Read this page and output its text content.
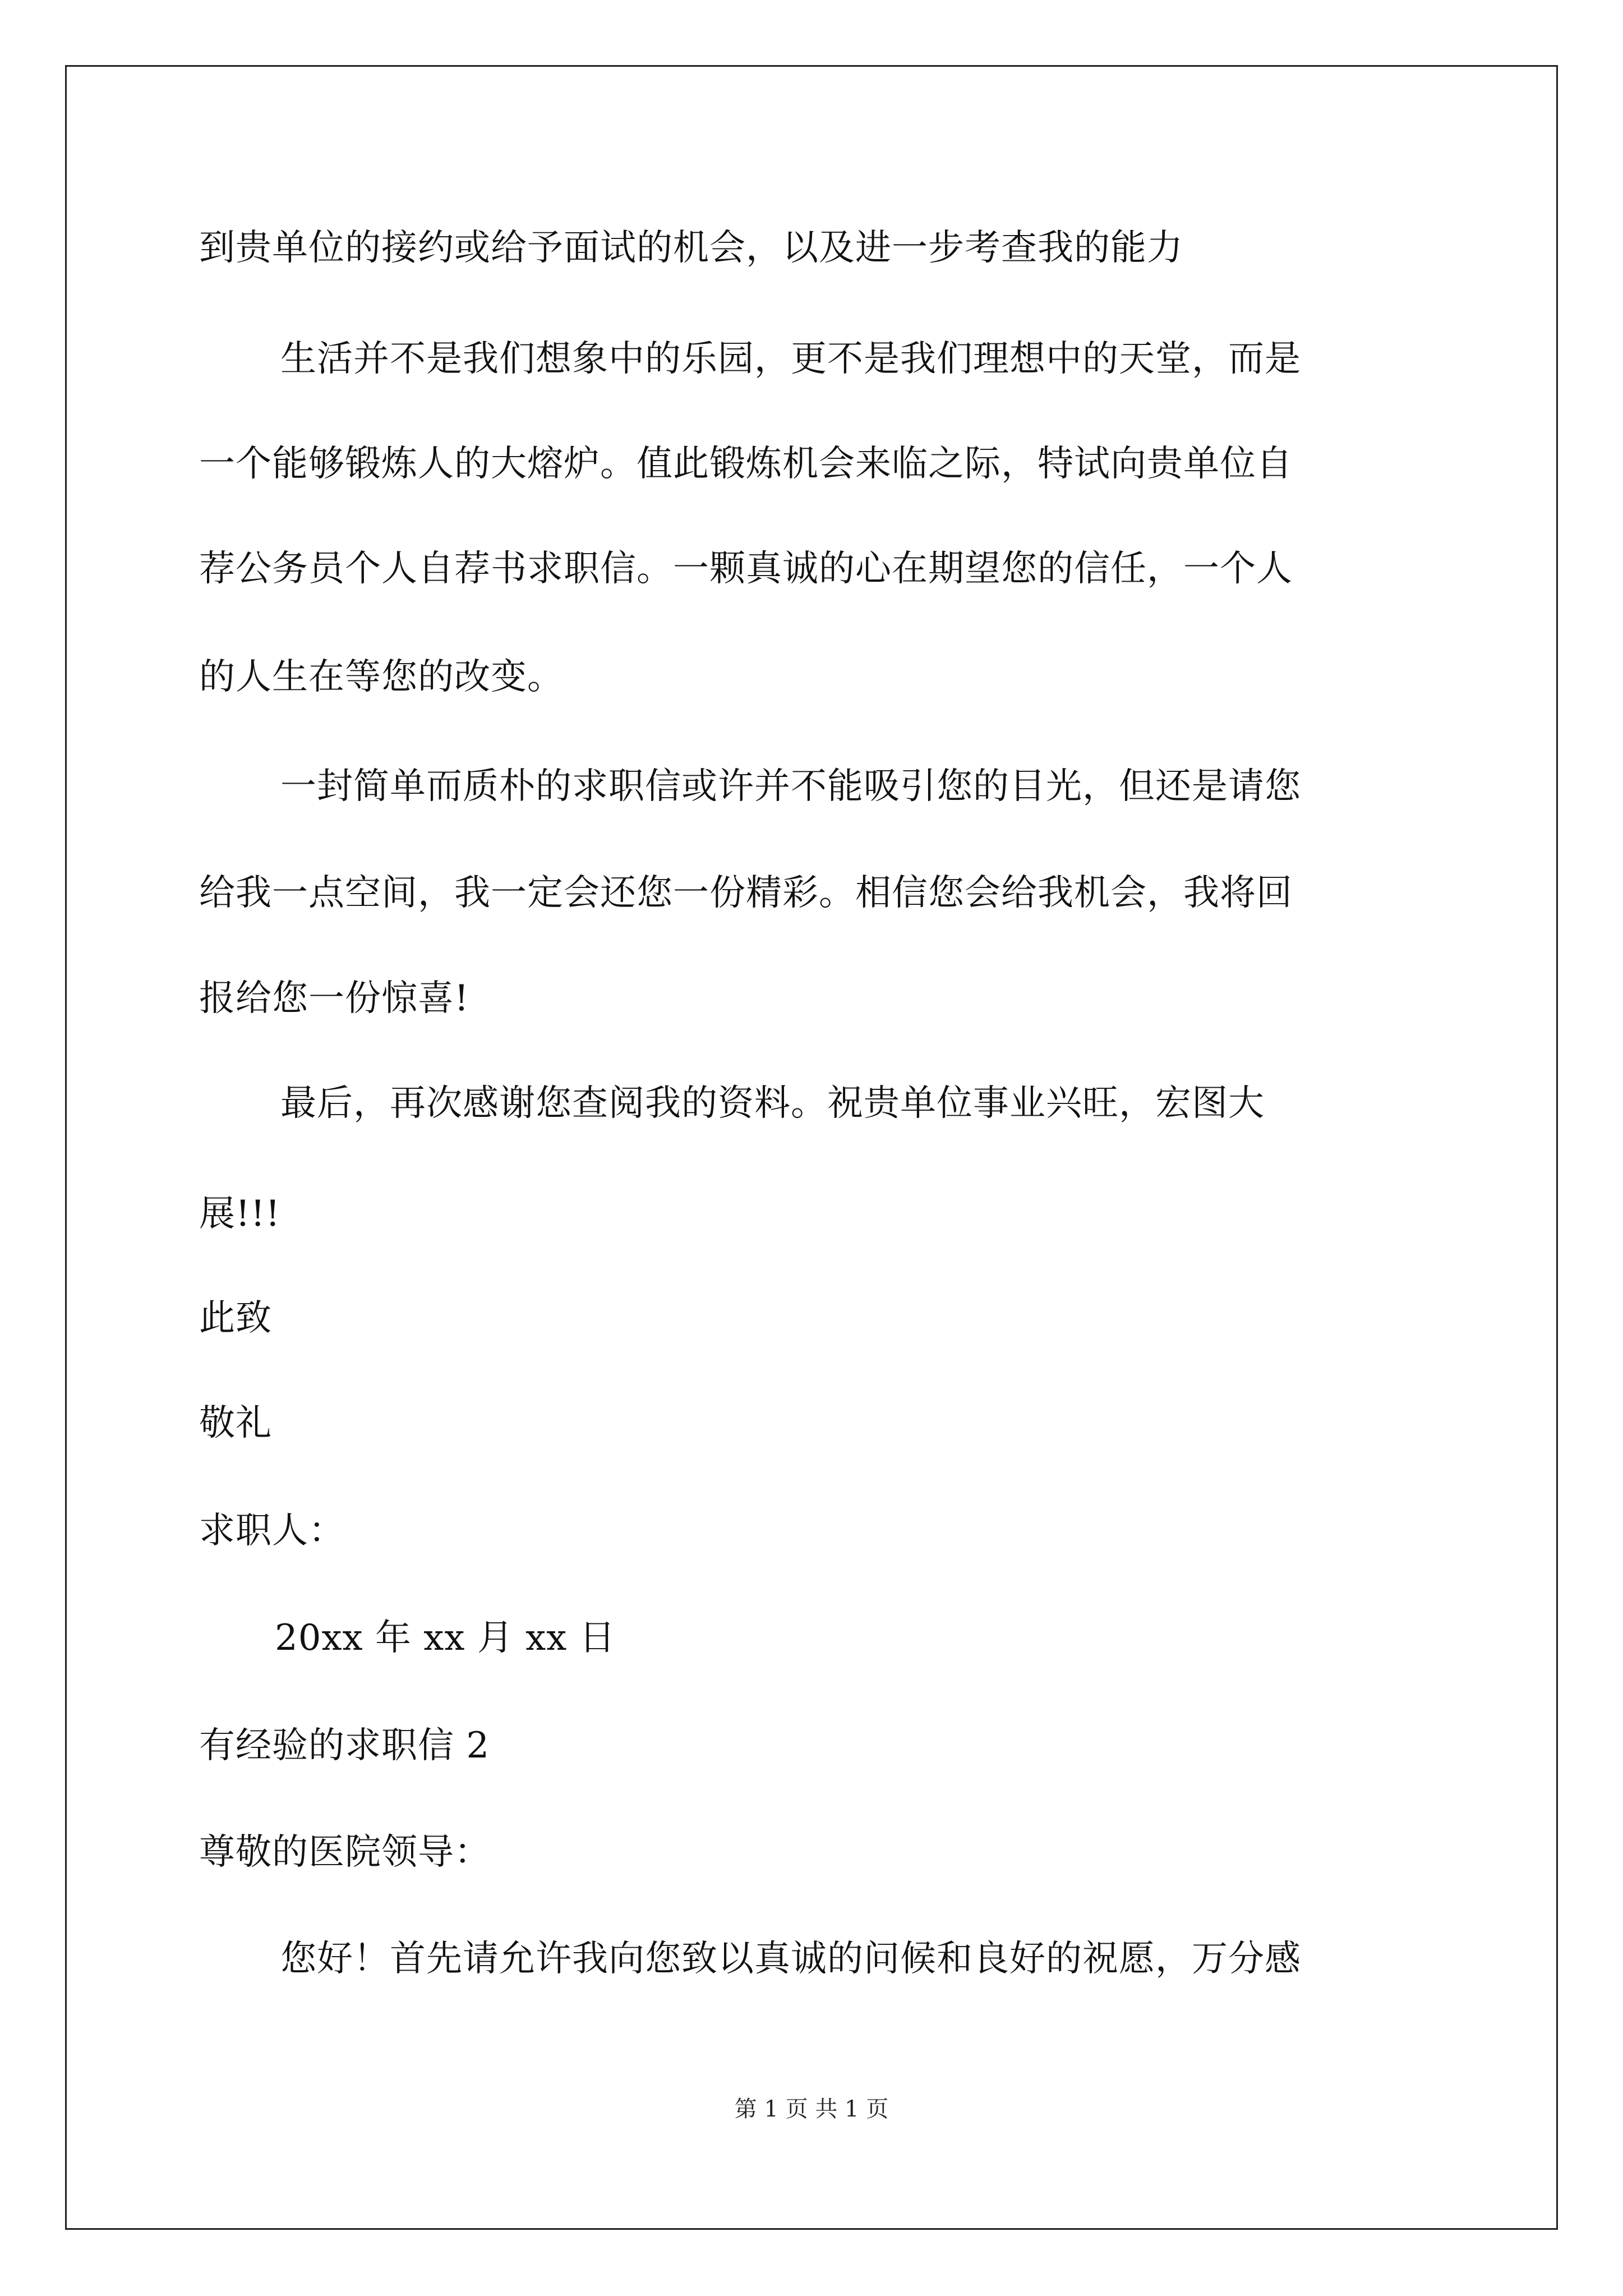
到贵单位的接约或给予面试的机会，以及进一步考查我的能力
生活并不是我们想象中的乐园，更不是我们理想中的天堂，而是
一个能够锻炼人的大熔炉。值此锻炼机会来临之际，特试向贵单位自
荐公务员个人自荐书求职信。一颗真诚的心在期望您的信任，一个人
的人生在等您的改变。
一封简单而质朴的求职信或许并不能吸引您的目光，但还是请您
给我一点空间，我一定会还您一份精彩。相信您会给我机会，我将回
报给您一份惊喜!
最后，再次感谢您查阅我的资料。祝贵单位事业兴旺，宏图大
展!!!
此致
敬礼
求职人：
20xx 年 xx 月 xx 日
有经验的求职信 2
尊敬的医院领导：
您好！首先请允许我向您致以真诚的问候和良好的祝愿，万分感
第 1 页 共 1 页
